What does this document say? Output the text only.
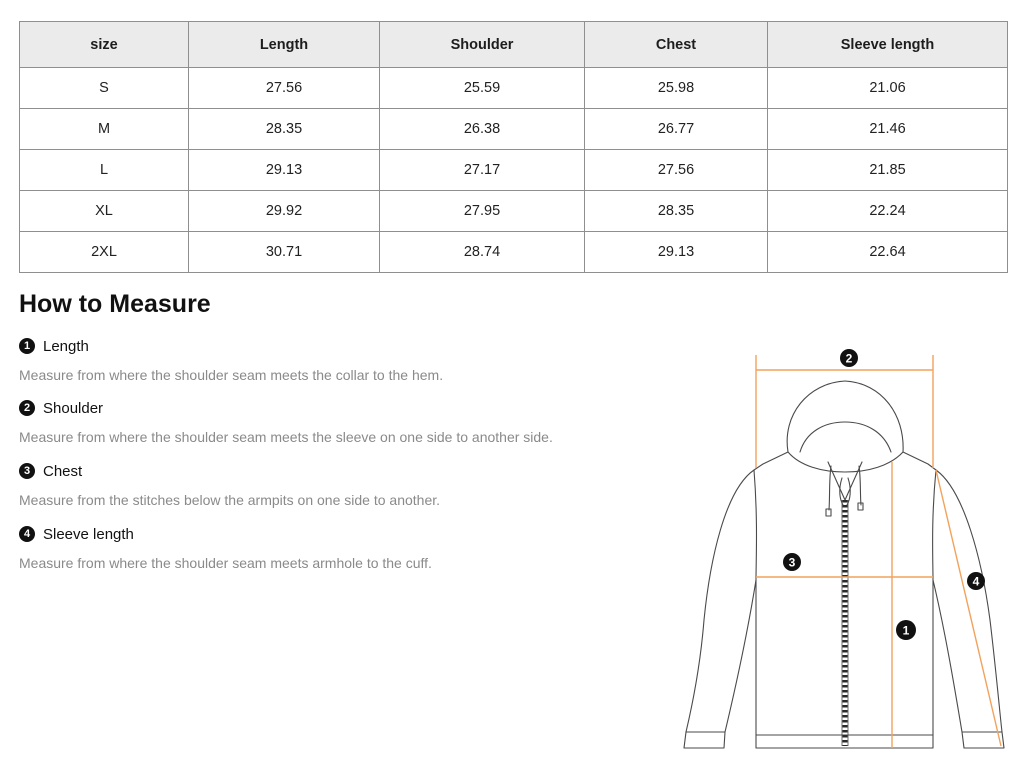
size	Length	Shoulder	Chest	Sleeve length
S	27.56	25.59	25.98	21.06
M	28.35	26.38	26.77	21.46
L	29.13	27.17	27.56	21.85
XL	29.92	27.95	28.35	22.24
2XL	30.71	28.74	29.13	22.64
How to Measure
1 Length
Measure from where the shoulder seam meets the collar to the hem.
2 Shoulder
Measure from where the shoulder seam meets the sleeve on one side to another side.
3 Chest
Measure from the stitches below the armpits on one side to another.
4 Sleeve length
Measure from where the shoulder seam meets armhole to the cuff.
2
3
1
4
